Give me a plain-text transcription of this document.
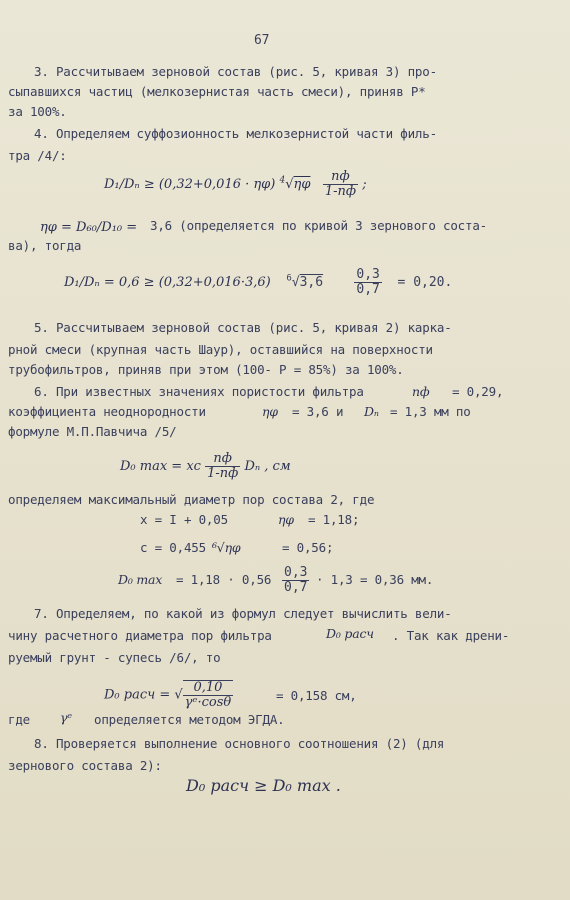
67
3. Рассчитываем зерновой состав (рис. 5, кривая 3) про-
сыпавшихся частиц (мелкозернистая часть смеси), приняв Р*
за 100%.
4. Определяем суффозионность мелкозернистой части филь-
тра /4/:
D₁/Dₙ ≥ (0,32+0,016 · ηφ) $^4√\eta\varphi \frac{nф}{1-nф}$ ;
ηφ = D₆₀/D₁₀ = 3,6 (определяется по кривой 3 зернового соста-
ва), тогда
D₁/Dₙ = 0,6 ≥ (0,32+0,016·3,6) $^6√3,6 \frac{0,3}{0,7} = 0,20$.
5. Рассчитываем зерновой состав (рис. 5, кривая 2) карка-
рной смеси (крупная часть Шаур), оставшийся на поверхности
трубофильтров, приняв при этом (100- Ρ = 85%) за 100%.
6. При известных значениях пористости фильтра	nф = 0,29,
коэффициента неоднородности	ηφ = 3,6 и Dₙ = 1,3 мм по
формуле М.П.Павчича /5/
D₀ max = xc $\frac{nф}{1-nф}$ Dₙ , см
определяем максимальный диаметр пор состава 2, где
x = I + 0,05	ηφ = 1,18;
c = 0,455 ⁶√ηφ	= 0,56;
D₀ $\max = 1,18 \cdot 0,56 \frac{0,3}{0,7} \cdot 1,3 = 0,36$ мм.
7. Определяем, по какой из формул следует вычислить вели-
чину расчетного диаметра пор фильтра	D₀ расч . Так как дрени-
руемый грунт - супесь /6/, то
D₀ расч = √ $\frac{0,10}{\text{γᵉ·cosθ}}$	= 0,158 см,
где γᵉ определяется методом ЭГДА.
8. Проверяется выполнение основного соотношения (2) (для
зернового состава 2):
D₀ расч ≥ D₀ max .
